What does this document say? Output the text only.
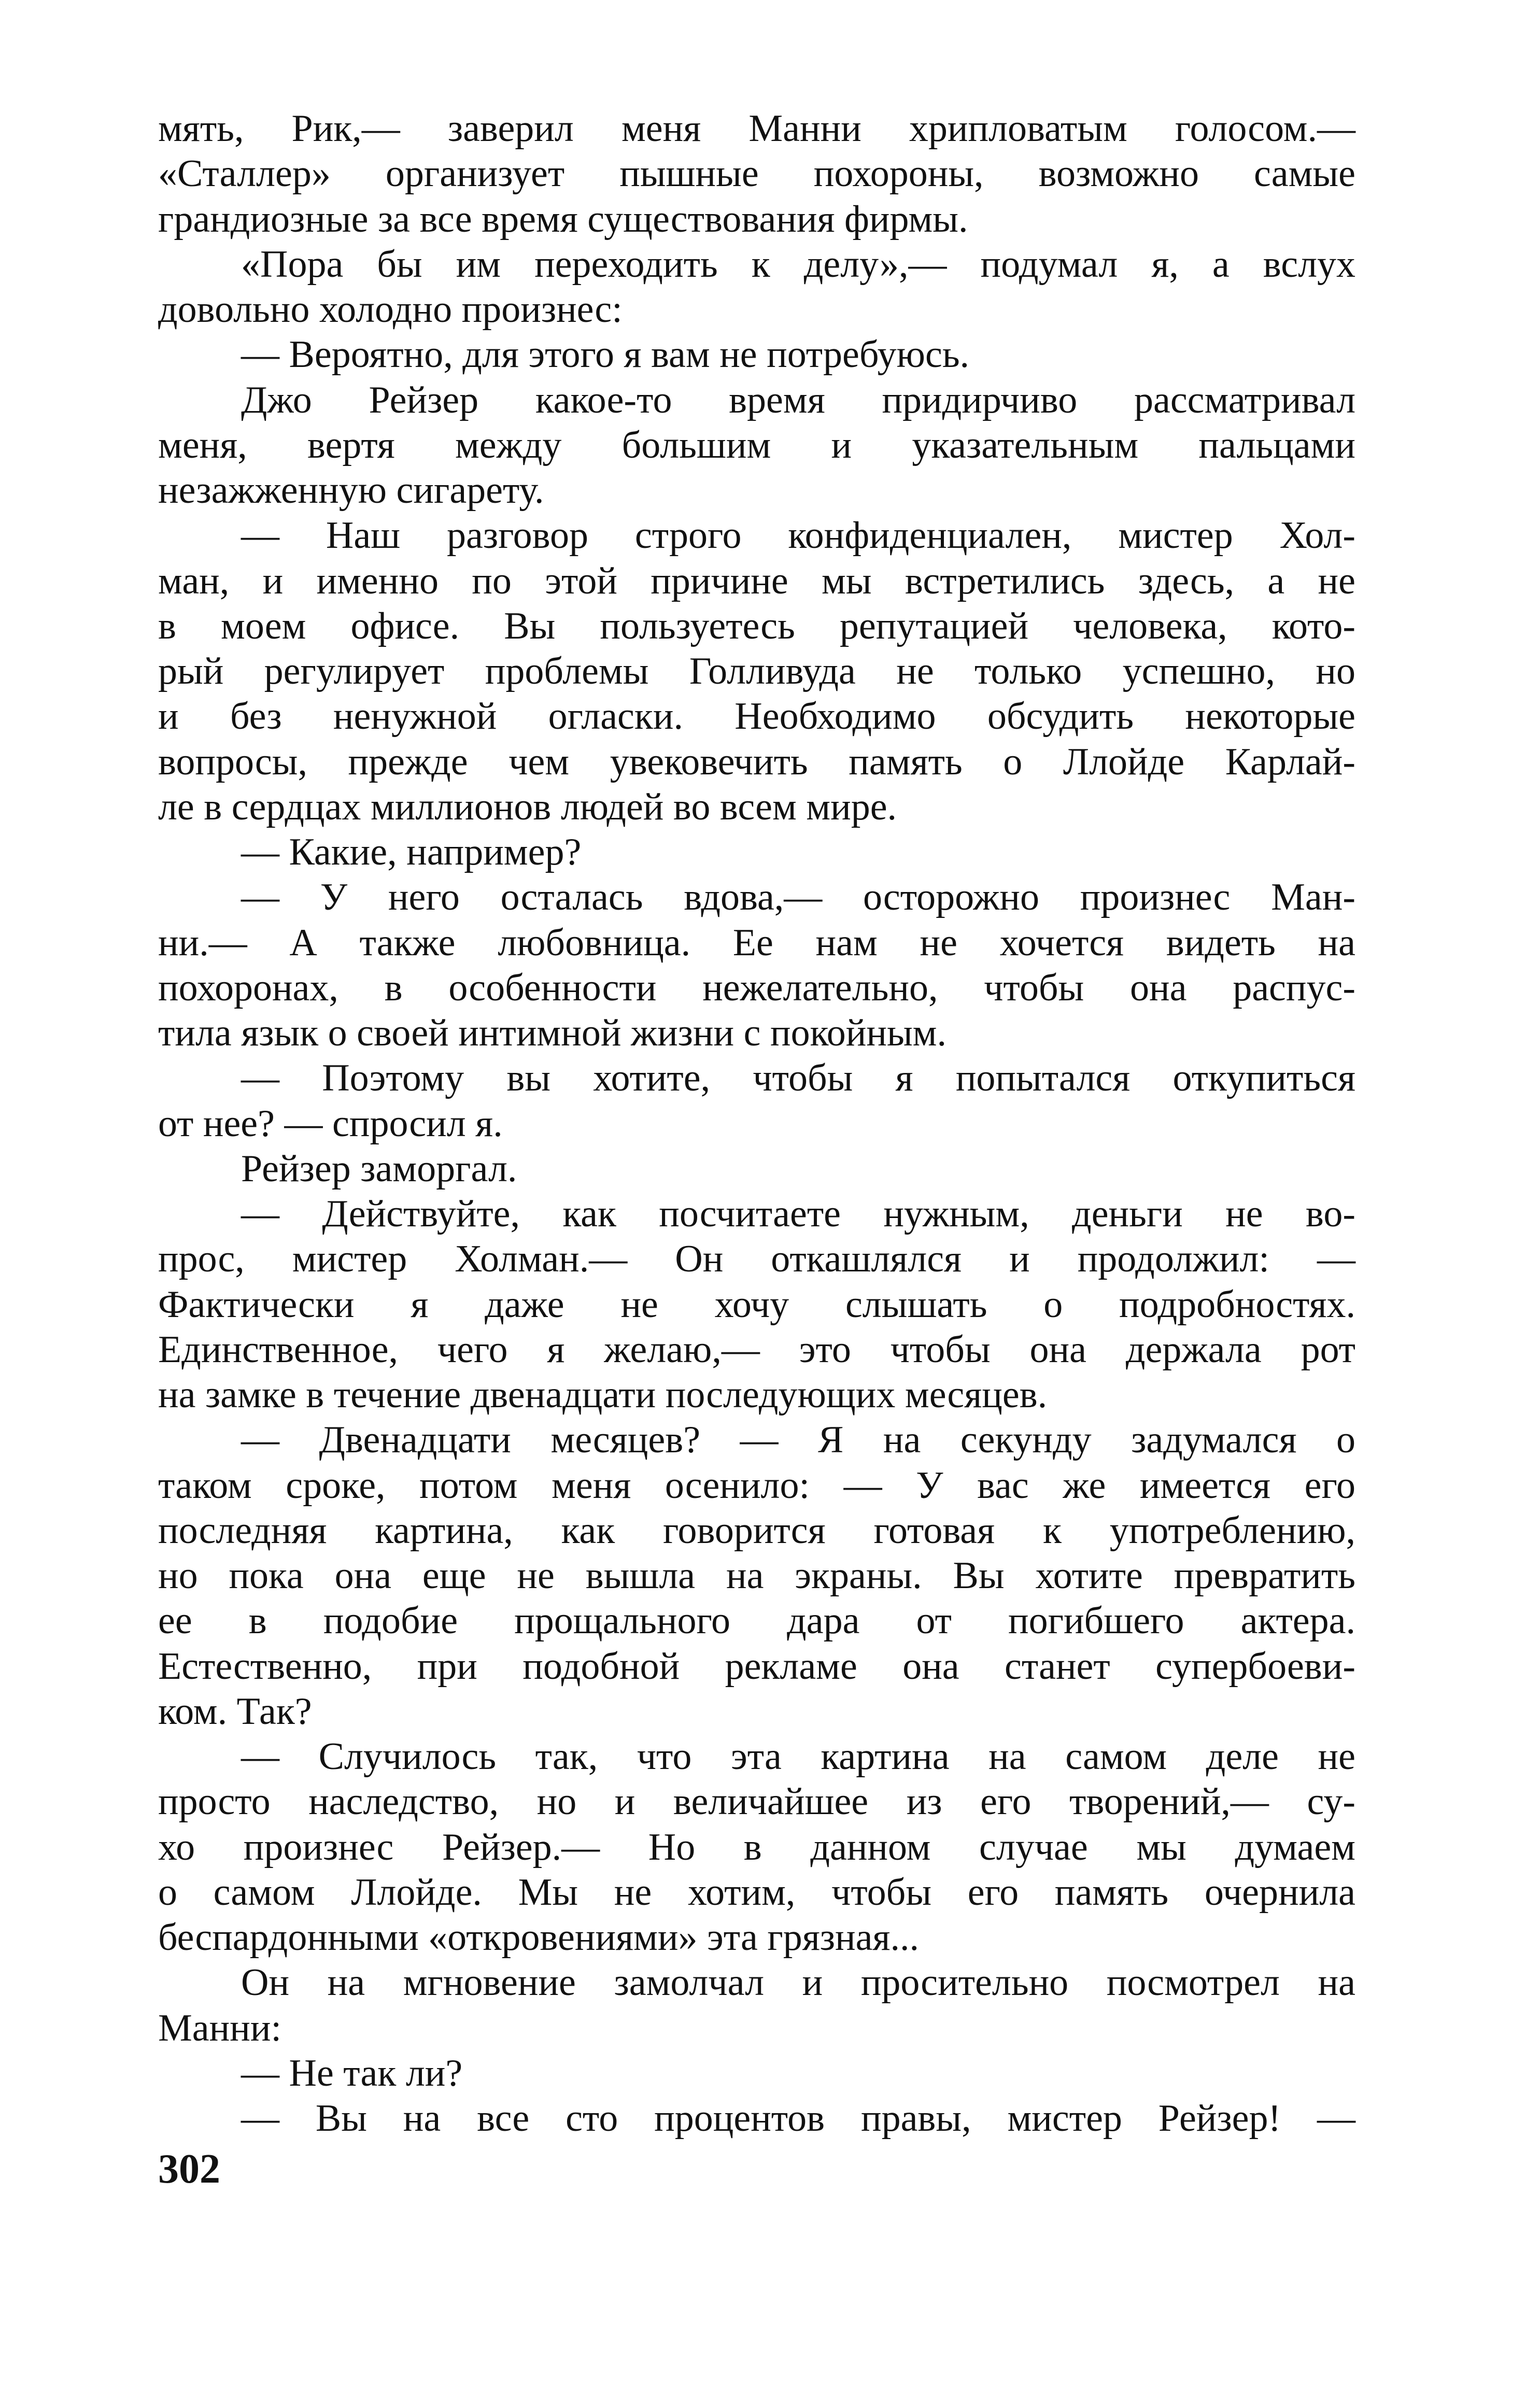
мять, Рик,— заверил меня Манни хрипловатым голосом.—
«Сталлер» организует пышные похороны, возможно самые
грандиозные за все время существования фирмы.
«Пора бы им переходить к делу»,— подумал я, а вслух
довольно холодно произнес:
— Вероятно, для этого я вам не потребуюсь.
Джо Рейзер какое-то время придирчиво рассматривал
меня, вертя между большим и указательным пальцами
незажженную сигарету.
— Наш разговор строго конфиденциален, мистер Хол-
ман, и именно по этой причине мы встретились здесь, а не
в моем офисе. Вы пользуетесь репутацией человека, кото-
рый регулирует проблемы Голливуда не только успешно, но
и без ненужной огласки. Необходимо обсудить некоторые
вопросы, прежде чем увековечить память о Ллойде Карлай-
ле в сердцах миллионов людей во всем мире.
— Какие, например?
— У него осталась вдова,— осторожно произнес Ман-
ни.— А также любовница. Ее нам не хочется видеть на
похоронах, в особенности нежелательно, чтобы она распус-
тила язык о своей интимной жизни с покойным.
— Поэтому вы хотите, чтобы я попытался откупиться
от нее? — спросил я.
Рейзер заморгал.
— Действуйте, как посчитаете нужным, деньги не во-
прос, мистер Холман.— Он откашлялся и продолжил: —
Фактически я даже не хочу слышать о подробностях.
Единственное, чего я желаю,— это чтобы она держала рот
на замке в течение двенадцати последующих месяцев.
— Двенадцати месяцев? — Я на секунду задумался о
таком сроке, потом меня осенило: — У вас же имеется его
последняя картина, как говорится готовая к употреблению,
но пока она еще не вышла на экраны. Вы хотите превратить
ее в подобие прощального дара от погибшего актера.
Естественно, при подобной рекламе она станет супербоеви-
ком. Так?
— Случилось так, что эта картина на самом деле не
просто наследство, но и величайшее из его творений,— су-
хо произнес Рейзер.— Но в данном случае мы думаем
о самом Ллойде. Мы не хотим, чтобы его память очернила
беспардонными «откровениями» эта грязная...
Он на мгновение замолчал и просительно посмотрел на
Манни:
— Не так ли?
— Вы на все сто процентов правы, мистер Рейзер! —
302
